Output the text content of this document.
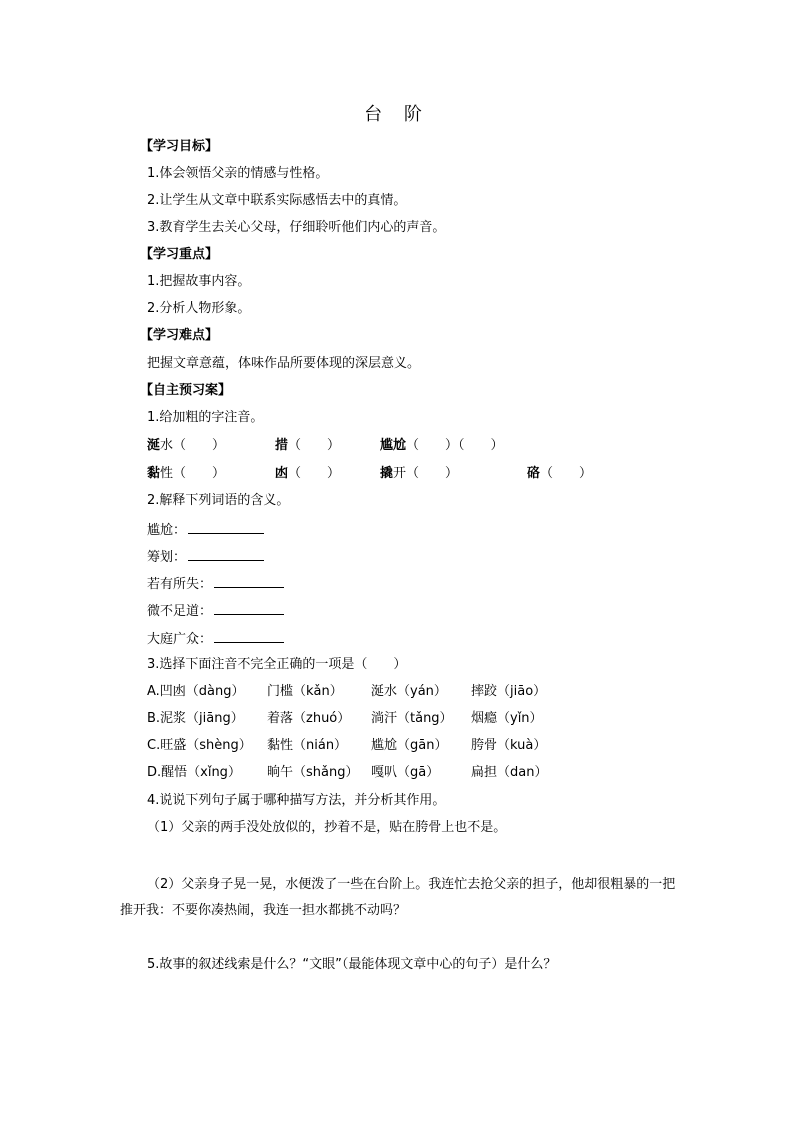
台 阶
【学习目标】
1.体会领悟父亲的情感与性格。
2.让学生从文章中联系实际感悟去中的真情。
3.教育学生去关心父母，仔细聆听他们内心的声音。
【学习重点】
1.把握故事内容。
2.分析人物形象。
【学习难点】
把握文章意蕴，体味作品所要体现的深层意义。
【自主预习案】
1.给加粗的字注音。
涎水（　　）	措（　　）	尴尬（　　）（　　）
黏性（　　）	凼（　　）	撬开（　　）	硌（　　）
2.解释下列词语的含义。
尴尬：
筹划：
若有所失：
微不足道：
大庭广众：
3.选择下面注音不完全正确的一项是（　　）
A.凹凼（dàng） 门槛（kǎn） 涎水（yán） 摔跤（jiāo）
B.泥浆（jiāng） 着落（zhuó） 淌汗（tǎng） 烟瘾（yǐn）
C.旺盛（shèng） 黏性（nián） 尴尬（gān） 胯骨（kuà）
D.醒悟（xǐng） 晌午（shǎng） 嘎叭（gā） 扁担（dan）
4.说说下列句子属于哪种描写方法，并分析其作用。
（1）父亲的两手没处放似的，抄着不是，贴在胯骨上也不是。
（2）父亲身子晃一晃，水便泼了一些在台阶上。我连忙去抢父亲的担子，他却很粗暴的一把推开我：不要你凑热闹，我连一担水都挑不动吗？
5.故事的叙述线索是什么？“文眼”（最能体现文章中心的句子）是什么？
